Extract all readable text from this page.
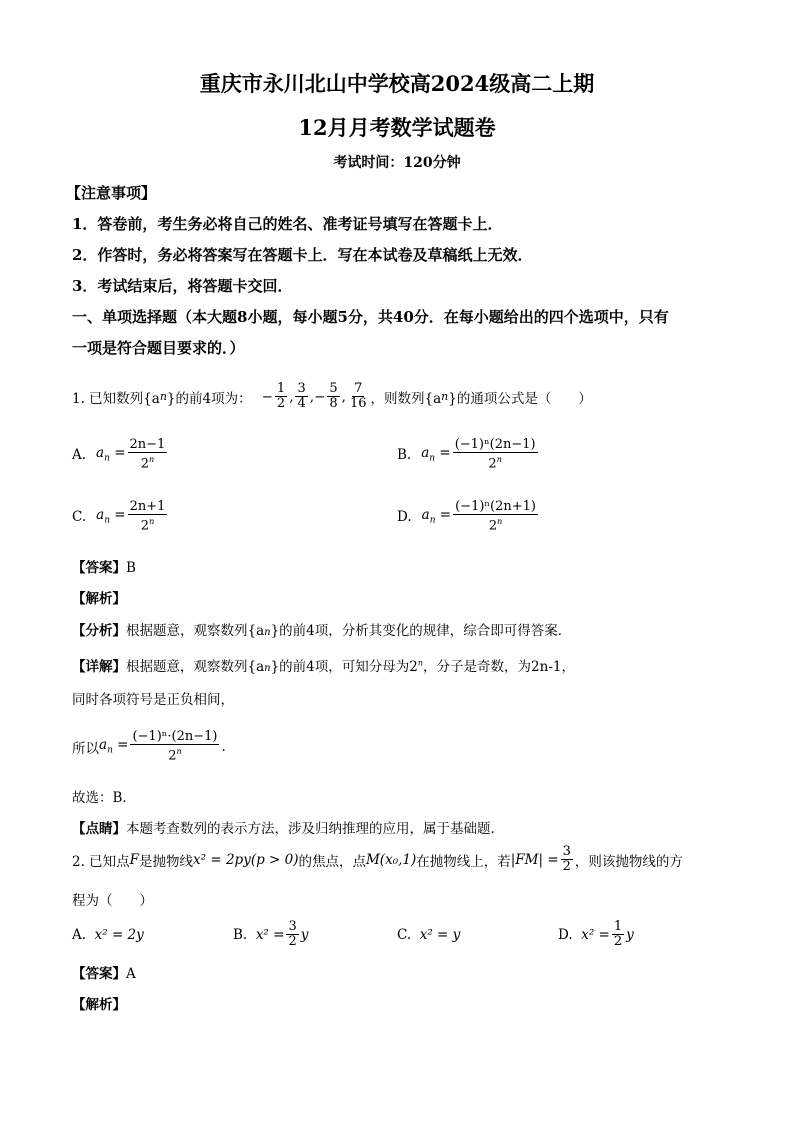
重庆市永川北山中学校高2024级高二上期
12月月考数学试题卷
考试时间：120分钟
【注意事项】
1．答卷前，考生务必将自己的姓名、准考证号填写在答题卡上．
2．作答时，务必将答案写在答题卡上．写在本试卷及草稿纸上无效．
3．考试结束后，将答题卡交回．
一、单项选择题（本大题8小题，每小题5分，共40分．在每小题给出的四个选项中，只有
一项是符合题目要求的．）
1. 已知数列{a n }的前4项为： − $\frac{1}{2}$ , $\frac{3}{4}$ , − $\frac{5}{8}$ , $\frac{7}{16}$ ，则数列{a n }的通项公式是（　　）
A. $a_n = \frac{2n-1}{2^n}$	B. $a_n = \frac{\text{(−1)ⁿ(2n−1)}}{2^n}$
C. $a_n = \frac{2n+1}{2^n}$	D. $a_n = \frac{\text{(−1)ⁿ(2n+1)}}{2^n}$
【答案】B
【解析】
【分析】根据题意，观察数列{an}的前4项，分析其变化的规律，综合即可得答案．
【详解】根据题意，观察数列{an}的前4项，可知分母为2$^n$，分子是奇数，为2n-1，
同时各项符号是正负相间，
所以 $a_n = \frac{\text{(−1)ⁿ·(2n−1)}}{2^n}$ .
故选：B．
【点睛】本题考查数列的表示方法，涉及归纳推理的应用，属于基础题．
2. 已知点 F 是抛物线 x² = 2py(p > 0) 的焦点，点 M(x₀,1) 在抛物线上，若 $|FM| = \frac{3}{2}$ ，则该抛物线的方
程为（　　）
A. x² = 2y	B.
$x^2 = \frac{3}{2}$ y	C. x² = y	D.
$x^2 = \frac{1}{2}$ y
【答案】A
【解析】
